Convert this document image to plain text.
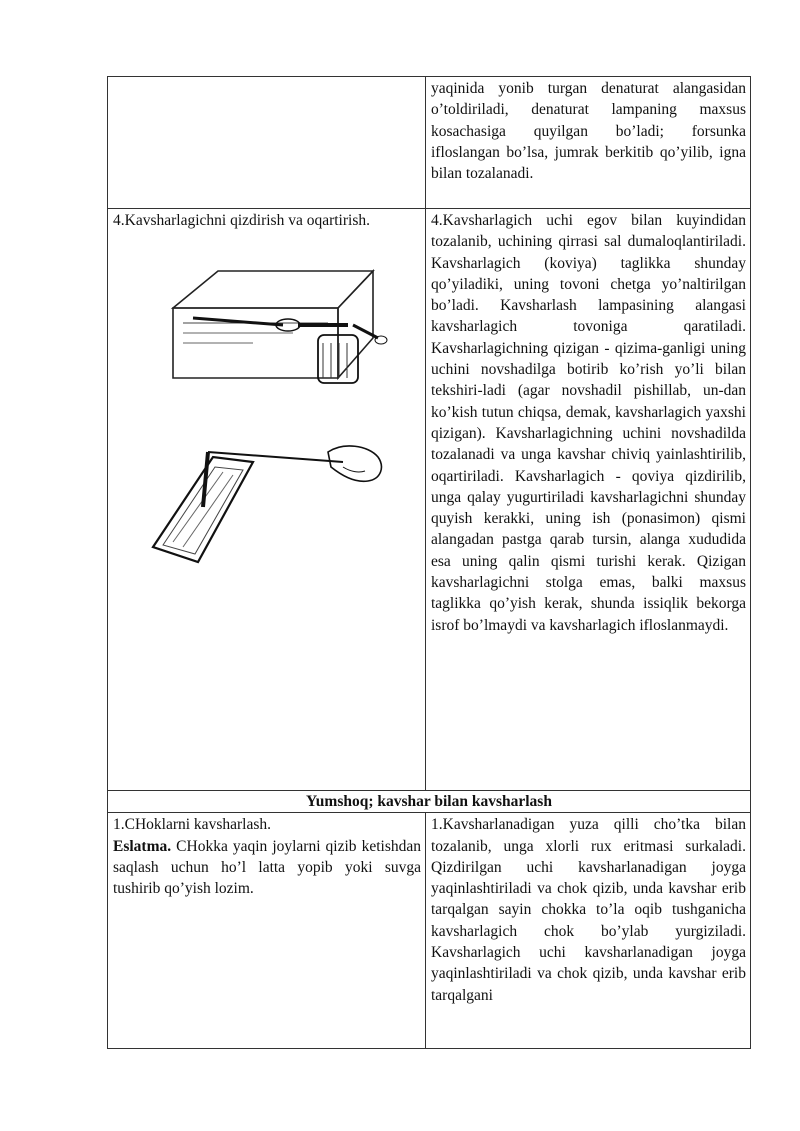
	yaqinida yonib turgan denaturat alangasidan o’toldiriladi, denaturat lampaning maxsus kosachasiga quyilgan bo’ladi; forsunka ifloslangan bo’lsa, jumrak berkitib qo’yilib, igna bilan tozalanadi.

4.Kavsharlagichni qizdirish va oqartirish.	4.Kavsharlagich uchi egov bilan kuyindidan tozalanib, uchining qirrasi sal dumaloqlantiriladi. Kavsharlagich (koviya) taglikka shunday qo’yiladiki, uning tovoni chetga yo’naltirilgan bo’ladi. Kavsharlash lampasining alangasi kavsharlagich tovoniga qaratiladi. Kavsharlagichning qizigan - qizima-ganligi uning uchini novshadilga botirib ko’rish yo’li bilan tekshiri-ladi (agar novshadil pishillab, un-dan ko’kish tutun chiqsa, demak, kavsharlagich yaxshi qizigan). Kavsharlagichning uchini novshadilda tozalanadi va unga kavshar chiviq yainlashtirilib, oqartiriladi. Kavsharlagich - qoviya qizdirilib, unga qalay yugurtiriladi kavsharlagichni shunday quyish kerakki, uning ish (ponasimon) qismi alangadan pastga qarab tursin, alanga xududida esa uning qalin qismi turishi kerak. Qizigan kavsharlagichni stolga emas, balki maxsus taglikka qo’yish kerak, shunda issiqlik bekorga isrof bo’lmaydi va kavsharlagich ifloslanmaydi.

Yumshoq; kavshar bilan kavsharlash	

1.CHoklarni kavsharlash.

Eslatma. CHokka yaqin joylarni qizib ketishdan saqlash uchun ho’l latta yopib yoki suvga tushirib qo’yish lozim.	1.Kavsharlanadigan yuza qilli cho’tka bilan tozalanib, unga xlorli rux eritmasi surkaladi. Qizdirilgan uchi kavsharlanadigan joyga yaqinlashtiriladi va chok qizib, unda kavshar erib tarqalgan sayin chokka to’la oqib tushganicha kavsharlagich chok bo’ylab yurgiziladi. Kavsharlagich uchi kavsharlanadigan joyga yaqinlashtiriladi va chok qizib, unda kavshar erib tarqalgani
